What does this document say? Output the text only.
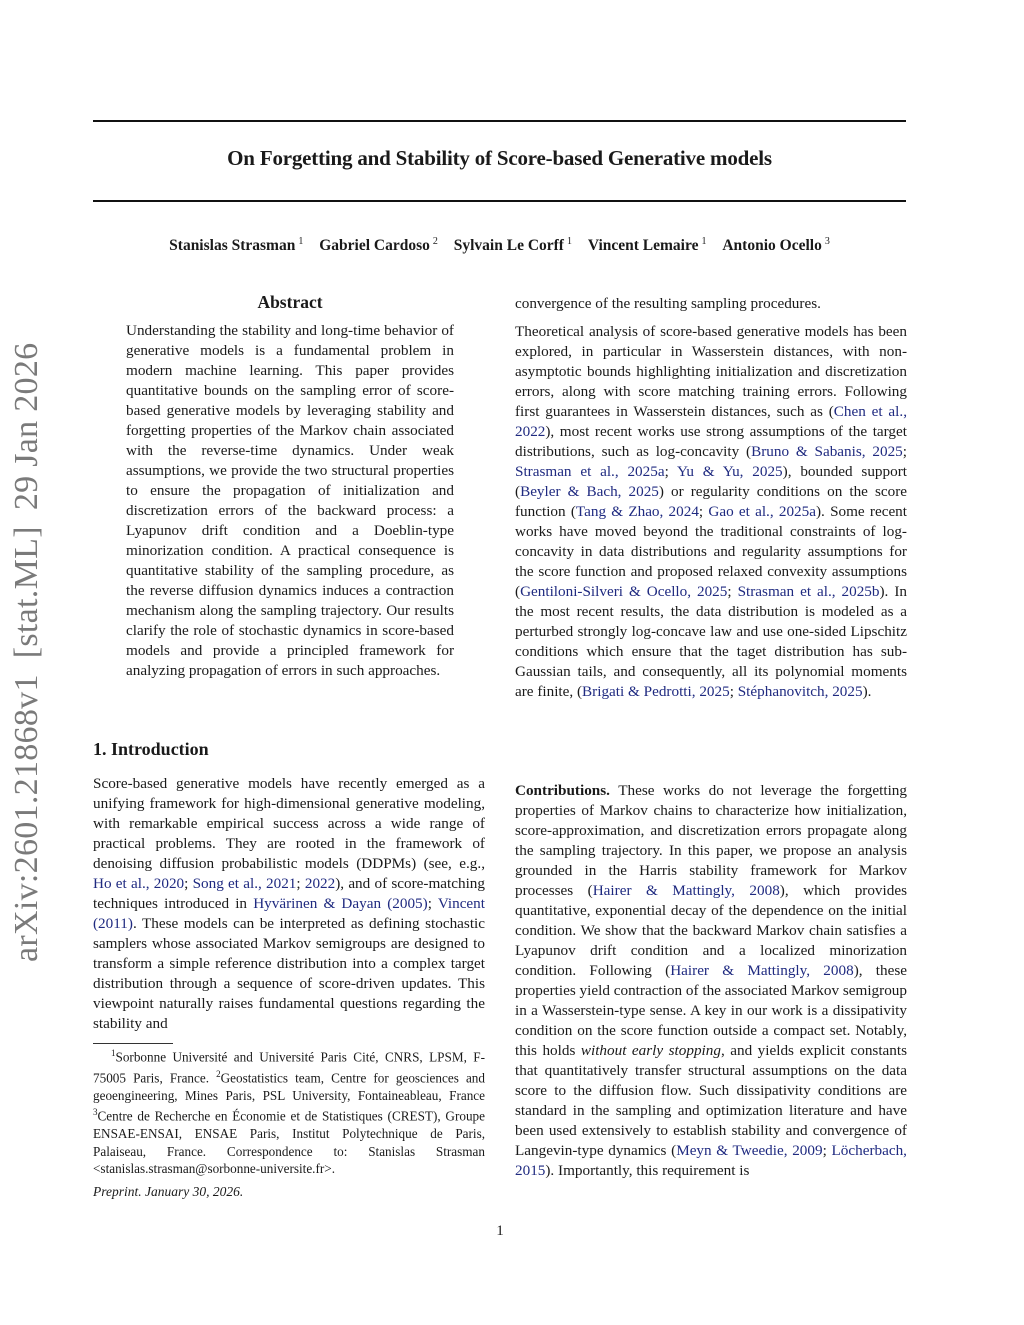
On Forgetting and Stability of Score-based Generative models
Stanislas Strasman $^1$ Gabriel Cardoso $^2$ Sylvain Le Corff $^1$ Vincent Lemaire $^1$ Antonio Ocello $^3$
arXiv:2601.21868v1[stat.ML]29 Jan 2026
Abstract

Understanding the stability and long-time behavior of generative models is a fundamental problem in modern machine learning. This paper provides quantitative bounds on the sampling error of score-based generative models by leveraging stability and forgetting properties of the Markov chain associated with the reverse-time dynamics. Under weak assumptions, we provide the two structural properties to ensure the propagation of initialization and discretization errors of the backward process: a Lyapunov drift condition and a Doeblin-type minorization condition. A practical consequence is quantitative stability of the sampling procedure, as the reverse diffusion dynamics induces a contraction mechanism along the sampling trajectory. Our results clarify the role of stochastic dynamics in score-based models and provide a principled framework for analyzing propagation of errors in such approaches.

1. Introduction

Score-based generative models have recently emerged as a unifying framework for high-dimensional generative modeling, with remarkable empirical success across a wide range of practical problems. They are rooted in the framework of denoising diffusion probabilistic models (DDPMs) (see, e.g., Ho et al., 2020; Song et al., 2021; 2022), and of score-matching techniques introduced in Hyvärinen & Dayan (2005); Vincent (2011). These models can be interpreted as defining stochastic samplers whose associated Markov semigroups are designed to transform a simple reference distribution into a complex target distribution through a sequence of score-driven updates. This viewpoint naturally raises fundamental questions regarding the stability and

$^1$Sorbonne Université and Université Paris Cité, CNRS, LPSM, F-75005 Paris, France. $^2$Geostatistics team, Centre for geosciences and geoengineering, Mines Paris, PSL University, Fontaineableau, France $^3$Centre de Recherche en Économie et de Statistiques (CREST), Groupe ENSAE-ENSAI, ENSAE Paris, Institut Polytechnique de Paris, Palaiseau, France. Correspondence to: Stanislas Strasman <stanislas.strasman@sorbonne-universite.fr>.

Preprint. January 30, 2026.

convergence of the resulting sampling procedures.

Theoretical analysis of score-based generative models has been explored, in particular in Wasserstein distances, with non-asymptotic bounds highlighting initialization and discretization errors, along with score matching training errors. Following first guarantees in Wasserstein distances, such as (Chen et al., 2022), most recent works use strong assumptions of the target distributions, such as log-concavity (Bruno & Sabanis, 2025; Strasman et al., 2025a; Yu & Yu, 2025), bounded support (Beyler & Bach, 2025) or regularity conditions on the score function (Tang & Zhao, 2024; Gao et al., 2025a). Some recent works have moved beyond the traditional constraints of log-concavity in data distributions and regularity assumptions for the score function and proposed relaxed convexity assumptions (Gentiloni-Silveri & Ocello, 2025; Strasman et al., 2025b). In the most recent results, the data distribution is modeled as a perturbed strongly log-concave law and use one-sided Lipschitz conditions which ensure that the taget distribution has sub-Gaussian tails, and consequently, all its polynomial moments are finite, (Brigati & Pedrotti, 2025; Stéphanovitch, 2025).

Contributions. These works do not leverage the forgetting properties of Markov chains to characterize how initialization, score-approximation, and discretization errors propagate along the sampling trajectory. In this paper, we propose an analysis grounded in the Harris stability framework for Markov processes (Hairer & Mattingly, 2008), which provides quantitative, exponential decay of the dependence on the initial condition. We show that the backward Markov chain satisfies a Lyapunov drift condition and a localized minorization condition. Following (Hairer & Mattingly, 2008), these properties yield contraction of the associated Markov semigroup in a Wasserstein-type sense. A key in our work is a dissipativity condition on the score function outside a compact set. Notably, this holds without early stopping, and yields explicit constants that quantitatively transfer structural assumptions on the data score to the diffusion flow. Such dissipativity conditions are standard in the sampling and optimization literature and have been used extensively to establish stability and convergence of Langevin-type dynamics (Meyn & Tweedie, 2009; Löcherbach, 2015). Importantly, this requirement is

1
